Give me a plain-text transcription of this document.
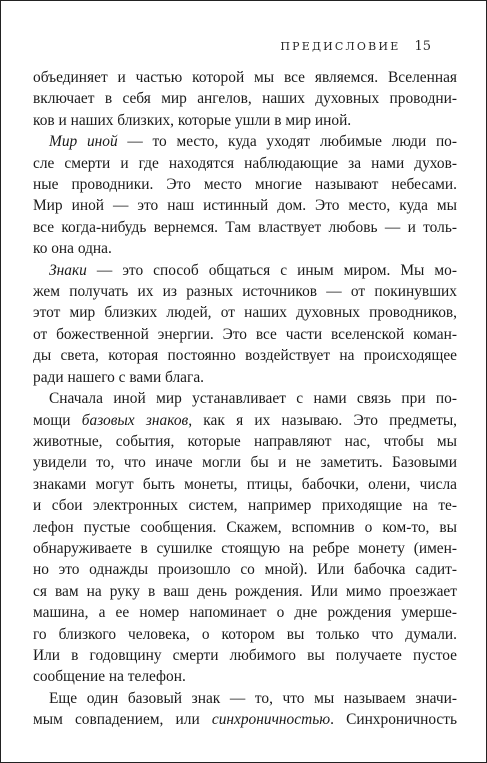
ПРЕДИСЛОВИЕ 15
объединяет и частью которой мы все являемся. Вселенная
включает в себя мир ангелов, наших духовных проводни-
ков и наших близких, которые ушли в мир иной.
Мир иной — то место, куда уходят любимые люди по-
сле смерти и где находятся наблюдающие за нами духов-
ные проводники. Это место многие называют небесами.
Мир иной — это наш истинный дом. Это место, куда мы
все когда-нибудь вернемся. Там властвует любовь — и толь-
ко она одна.
Знаки — это способ общаться с иным миром. Мы мо-
жем получать их из разных источников — от покинувших
этот мир близких людей, от наших духовных проводников,
от божественной энергии. Это все части вселенской коман-
ды света, которая постоянно воздействует на происходящее
ради нашего с вами блага.
Сначала иной мир устанавливает с нами связь при по-
мощи базовых знаков, как я их называю. Это предметы,
животные, события, которые направляют нас, чтобы мы
увидели то, что иначе могли бы и не заметить. Базовыми
знаками могут быть монеты, птицы, бабочки, олени, числа
и сбои электронных систем, например приходящие на те-
лефон пустые сообщения. Скажем, вспомнив о ком-то, вы
обнаруживаете в сушилке стоящую на ребре монету (имен-
но это однажды произошло со мной). Или бабочка садит-
ся вам на руку в ваш день рождения. Или мимо проезжает
машина, а ее номер напоминает о дне рождения умерше-
го близкого человека, о котором вы только что думали.
Или в годовщину смерти любимого вы получаете пустое
сообщение на телефон.
Еще один базовый знак — то, что мы называем значи-
мым совпадением, или синхроничностью. Синхроничность
